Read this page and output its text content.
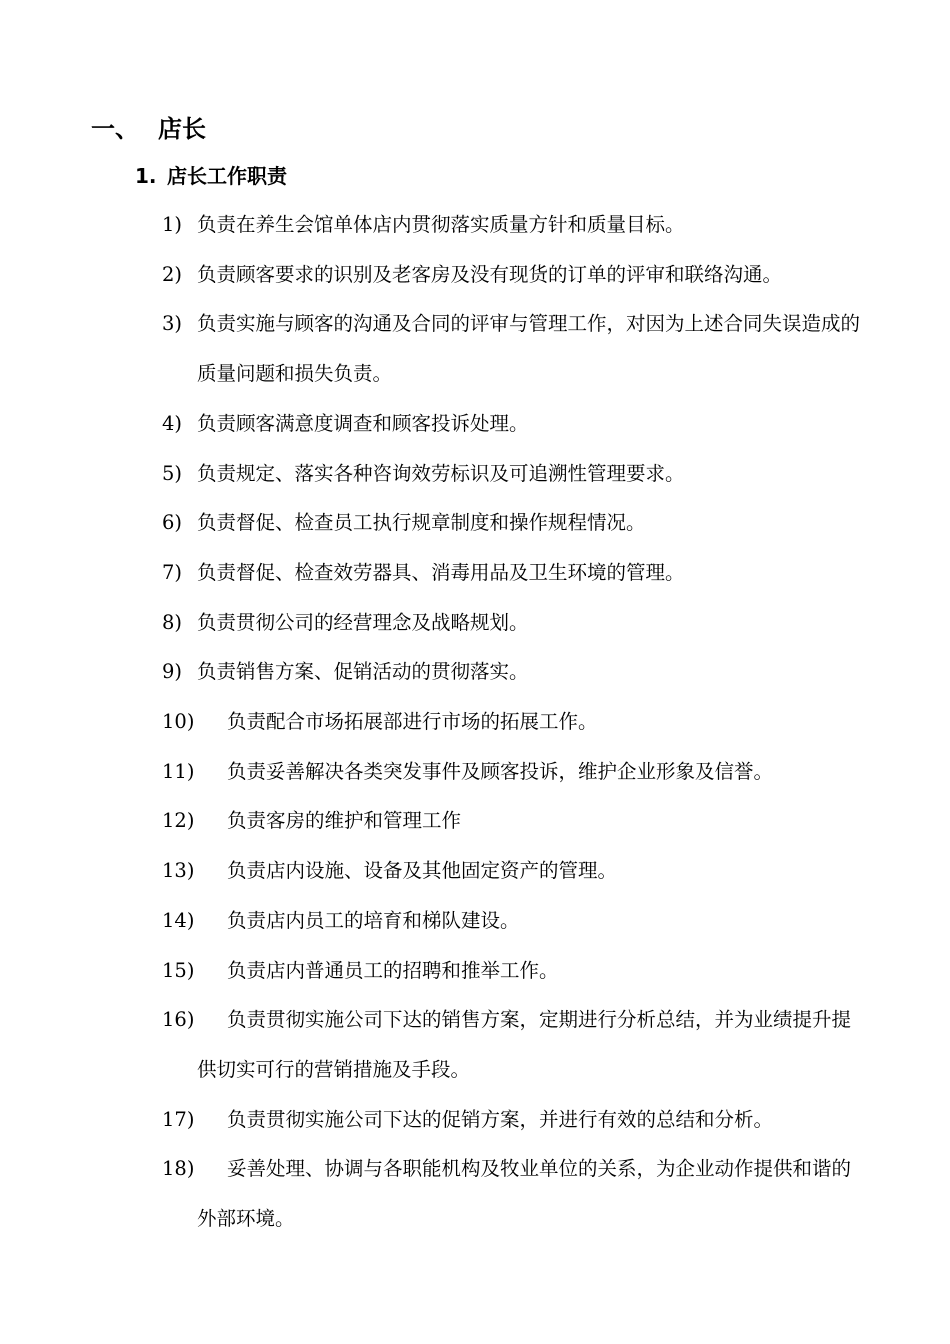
一、 店长
1. 店长工作职责
1) 负责在养生会馆单体店内贯彻落实质量方针和质量目标。
2) 负责顾客要求的识别及老客房及没有现货的订单的评审和联络沟通。
3) 负责实施与顾客的沟通及合同的评审与管理工作，对因为上述合同失误造成的质量问题和损失负责。
4) 负责顾客满意度调查和顾客投诉处理。
5) 负责规定、落实各种咨询效劳标识及可追溯性管理要求。
6) 负责督促、检查员工执行规章制度和操作规程情况。
7) 负责督促、检查效劳器具、消毒用品及卫生环境的管理。
8) 负责贯彻公司的经营理念及战略规划。
9) 负责销售方案、促销活动的贯彻落实。
10)	负责配合市场拓展部进行市场的拓展工作。
11)	负责妥善解决各类突发事件及顾客投诉，维护企业形象及信誉。
12)	负责客房的维护和管理工作
13)	负责店内设施、设备及其他固定资产的管理。
14)	负责店内员工的培育和梯队建设。
15)	负责店内普通员工的招聘和推举工作。
16)	负责贯彻实施公司下达的销售方案，定期进行分析总结，并为业绩提升提供切实可行的营销措施及手段。
17)	负责贯彻实施公司下达的促销方案，并进行有效的总结和分析。
18)	妥善处理、协调与各职能机构及牧业单位的关系，为企业动作提供和谐的外部环境。
